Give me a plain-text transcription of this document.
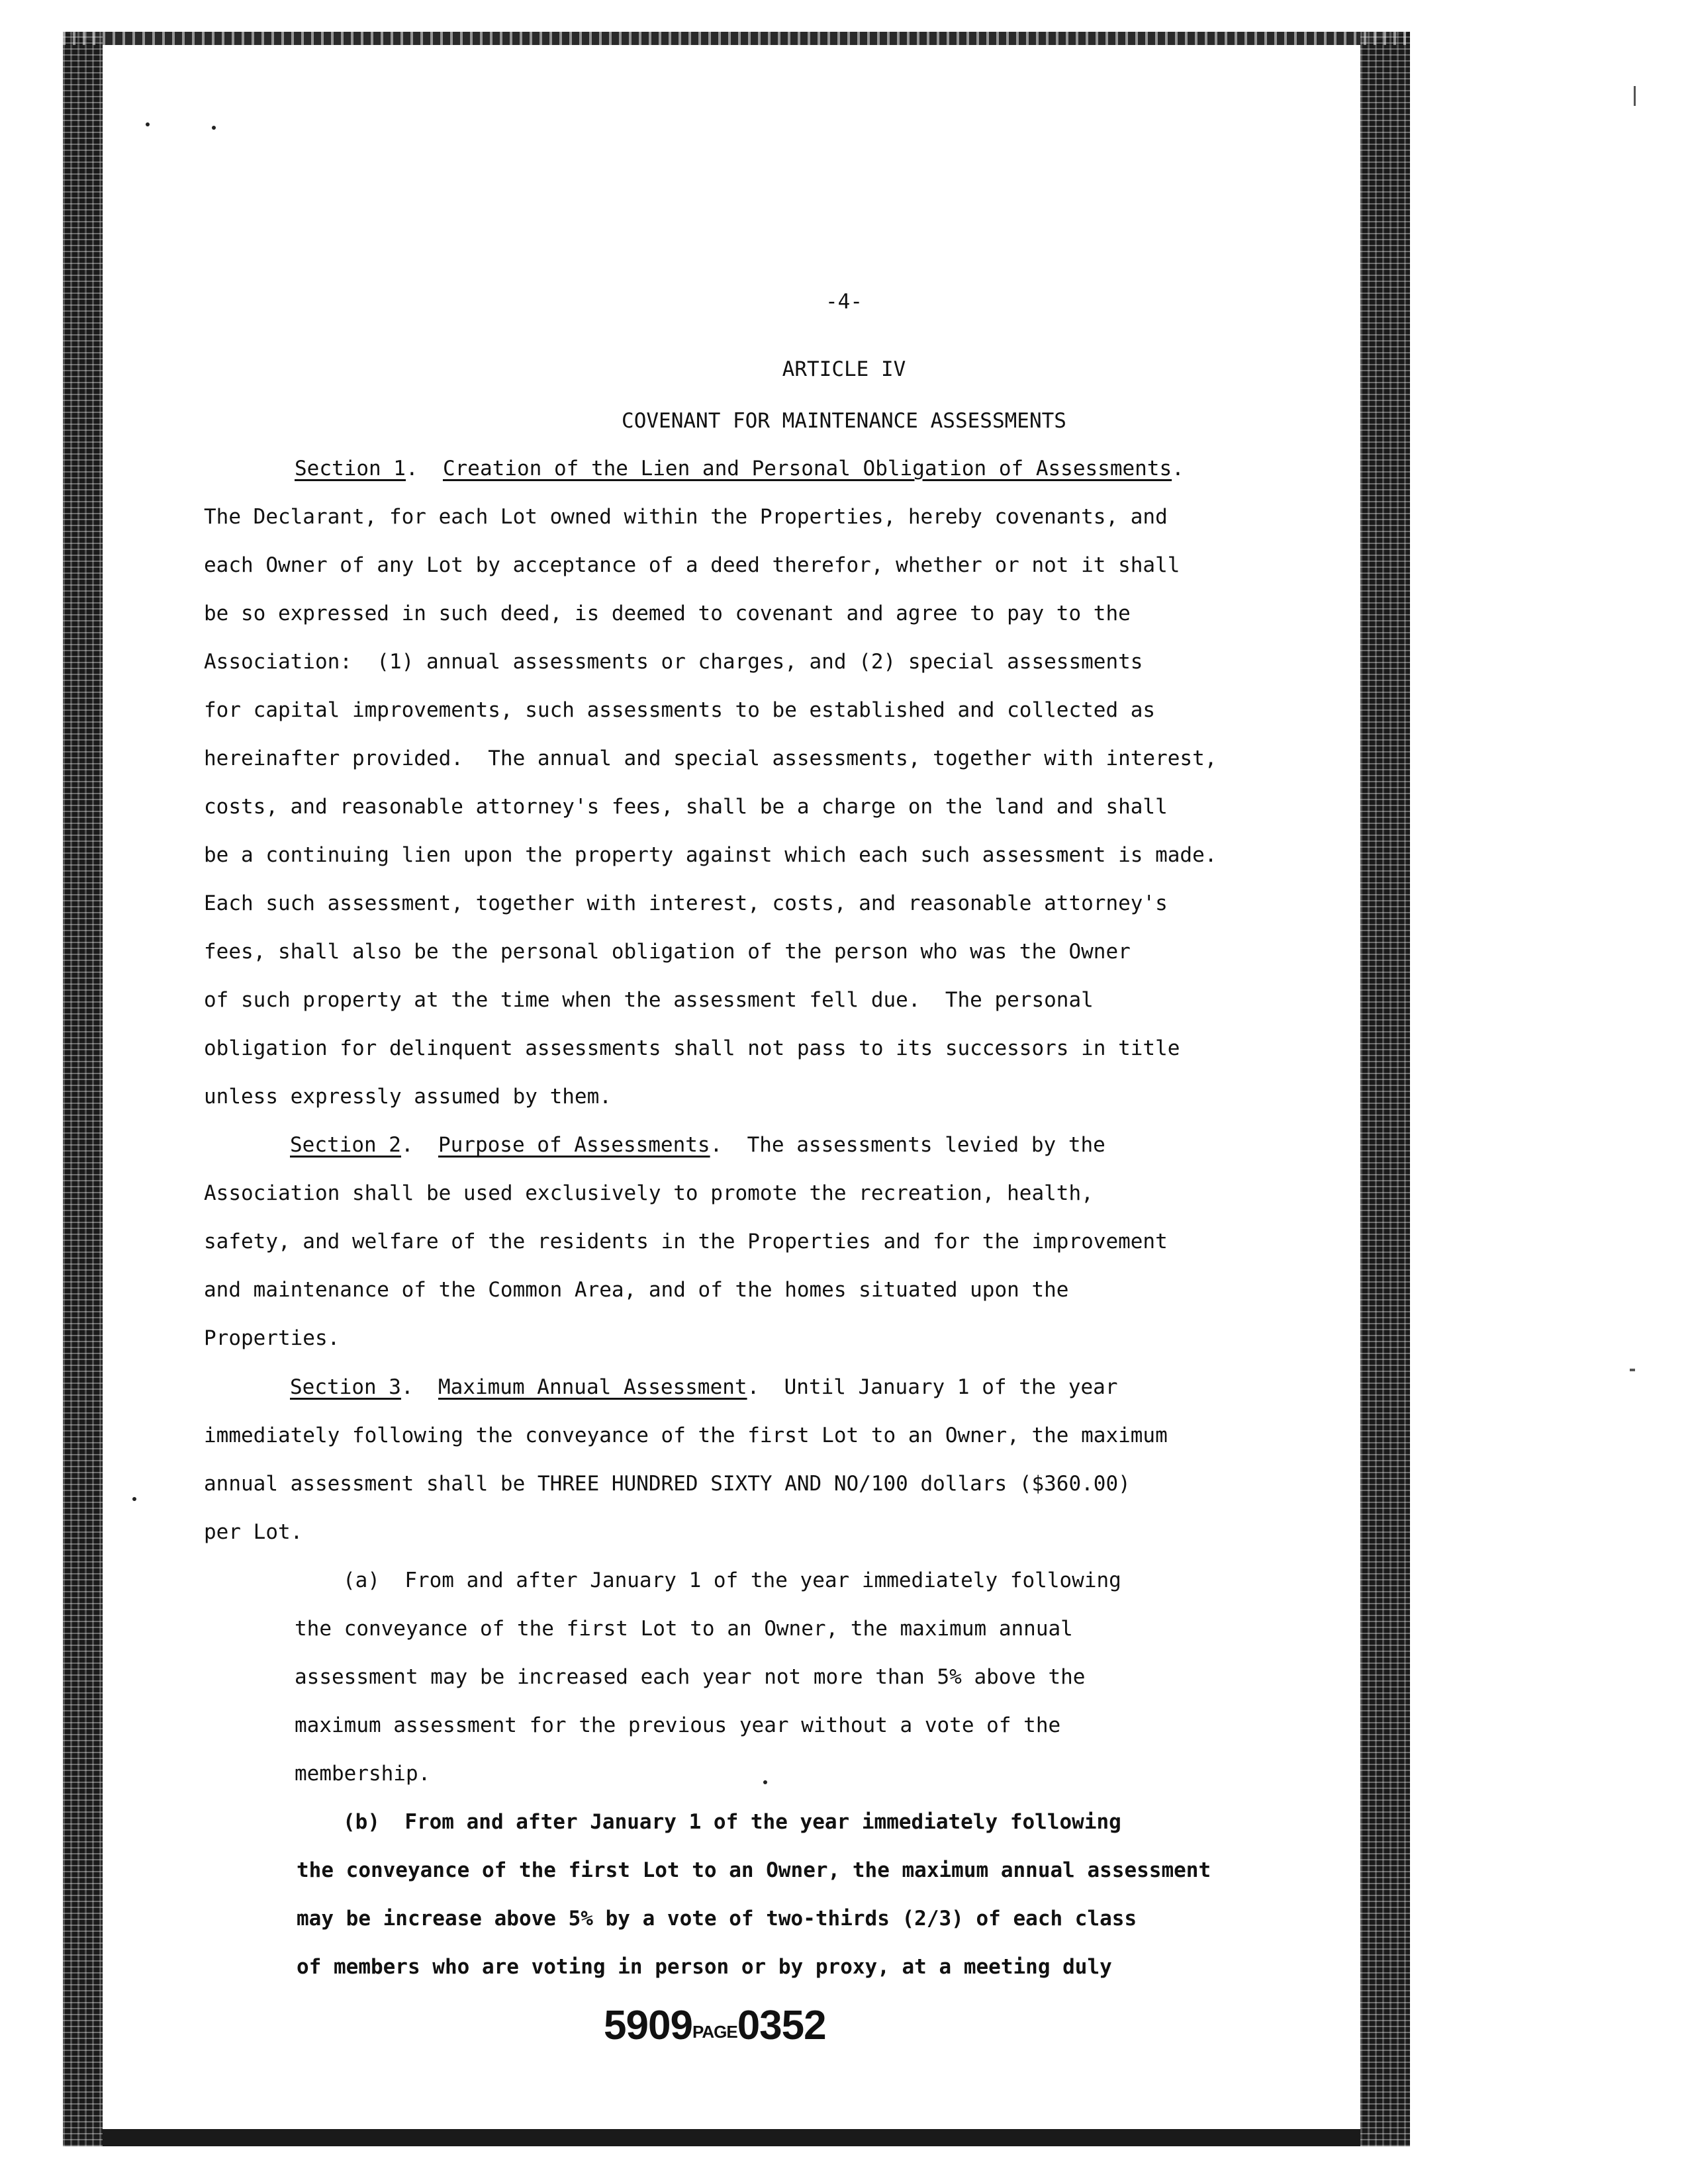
-4-
ARTICLE IV
COVENANT FOR MAINTENANCE ASSESSMENTS
Section 1.  Creation of the Lien and Personal Obligation of Assessments.
The Declarant, for each Lot owned within the Properties, hereby covenants, and
each Owner of any Lot by acceptance of a deed therefor, whether or not it shall
be so expressed in such deed, is deemed to covenant and agree to pay to the
Association:  (1) annual assessments or charges, and (2) special assessments
for capital improvements, such assessments to be established and collected as
hereinafter provided.  The annual and special assessments, together with interest,
costs, and reasonable attorney's fees, shall be a charge on the land and shall
be a continuing lien upon the property against which each such assessment is made.
Each such assessment, together with interest, costs, and reasonable attorney's
fees, shall also be the personal obligation of the person who was the Owner
of such property at the time when the assessment fell due.  The personal
obligation for delinquent assessments shall not pass to its successors in title
unless expressly assumed by them.
Section 2.  Purpose of Assessments.  The assessments levied by the
Association shall be used exclusively to promote the recreation, health,
safety, and welfare of the residents in the Properties and for the improvement
and maintenance of the Common Area, and of the homes situated upon the
Properties.
Section 3.  Maximum Annual Assessment.  Until January 1 of the year
immediately following the conveyance of the first Lot to an Owner, the maximum
annual assessment shall be THREE HUNDRED SIXTY AND NO/100 dollars ($360.00)
per Lot.
(a)  From and after January 1 of the year immediately following
the conveyance of the first Lot to an Owner, the maximum annual
assessment may be increased each year not more than 5% above the
maximum assessment for the previous year without a vote of the
membership.
(b)  From and after January 1 of the year immediately following
the conveyance of the first Lot to an Owner, the maximum annual assessment
may be increase above 5% by a vote of two-thirds (2/3) of each class
of members who are voting in person or by proxy, at a meeting duly
5909PAGE0352
